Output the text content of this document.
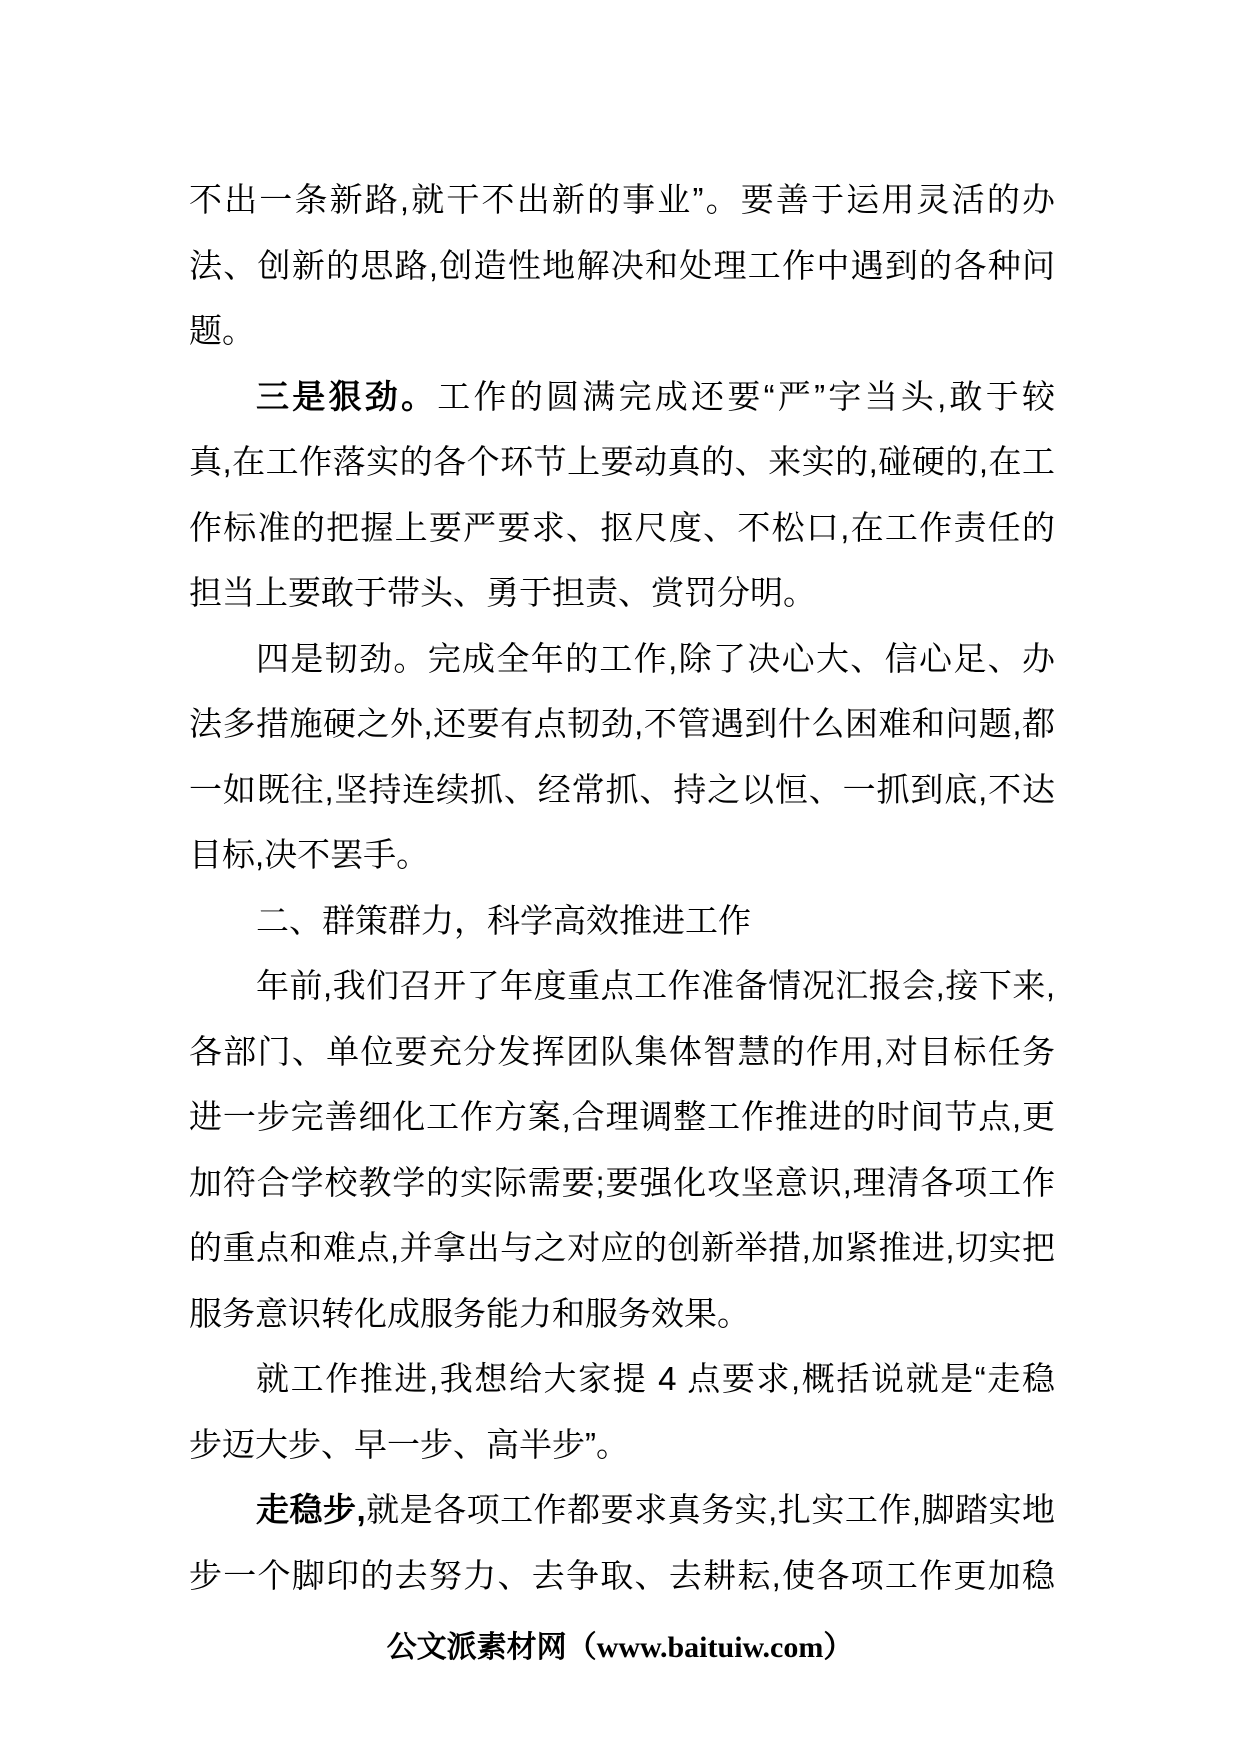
不出一条新路,就干不出新的事业”。要善于运用灵活的办
法、创新的思路,创造性地解决和处理工作中遇到的各种问
题。
三是狠劲。工作的圆满完成还要“严”字当头,敢于较
真,在工作落实的各个环节上要动真的、来实的,碰硬的,在工
作标准的把握上要严要求、抠尺度、不松口,在工作责任的
担当上要敢于带头、勇于担责、赏罚分明。
四是韧劲。完成全年的工作,除了决心大、信心足、办
法多措施硬之外,还要有点韧劲,不管遇到什么困难和问题,都
一如既往,坚持连续抓、经常抓、持之以恒、一抓到底,不达
目标,决不罢手。
二、群策群力，科学高效推进工作
年前,我们召开了年度重点工作准备情况汇报会,接下来,
各部门、单位要充分发挥团队集体智慧的作用,对目标任务
进一步完善细化工作方案,合理调整工作推进的时间节点,更
加符合学校教学的实际需要;要强化攻坚意识,理清各项工作
的重点和难点,并拿出与之对应的创新举措,加紧推进,切实把
服务意识转化成服务能力和服务效果。
就工作推进,我想给大家提 4 点要求,概括说就是“走稳
步迈大步、早一步、高半步”。
走稳步,就是各项工作都要求真务实,扎实工作,脚踏实地
步一个脚印的去努力、去争取、去耕耘,使各项工作更加稳
公文派素材网（www.baituiw.com）
